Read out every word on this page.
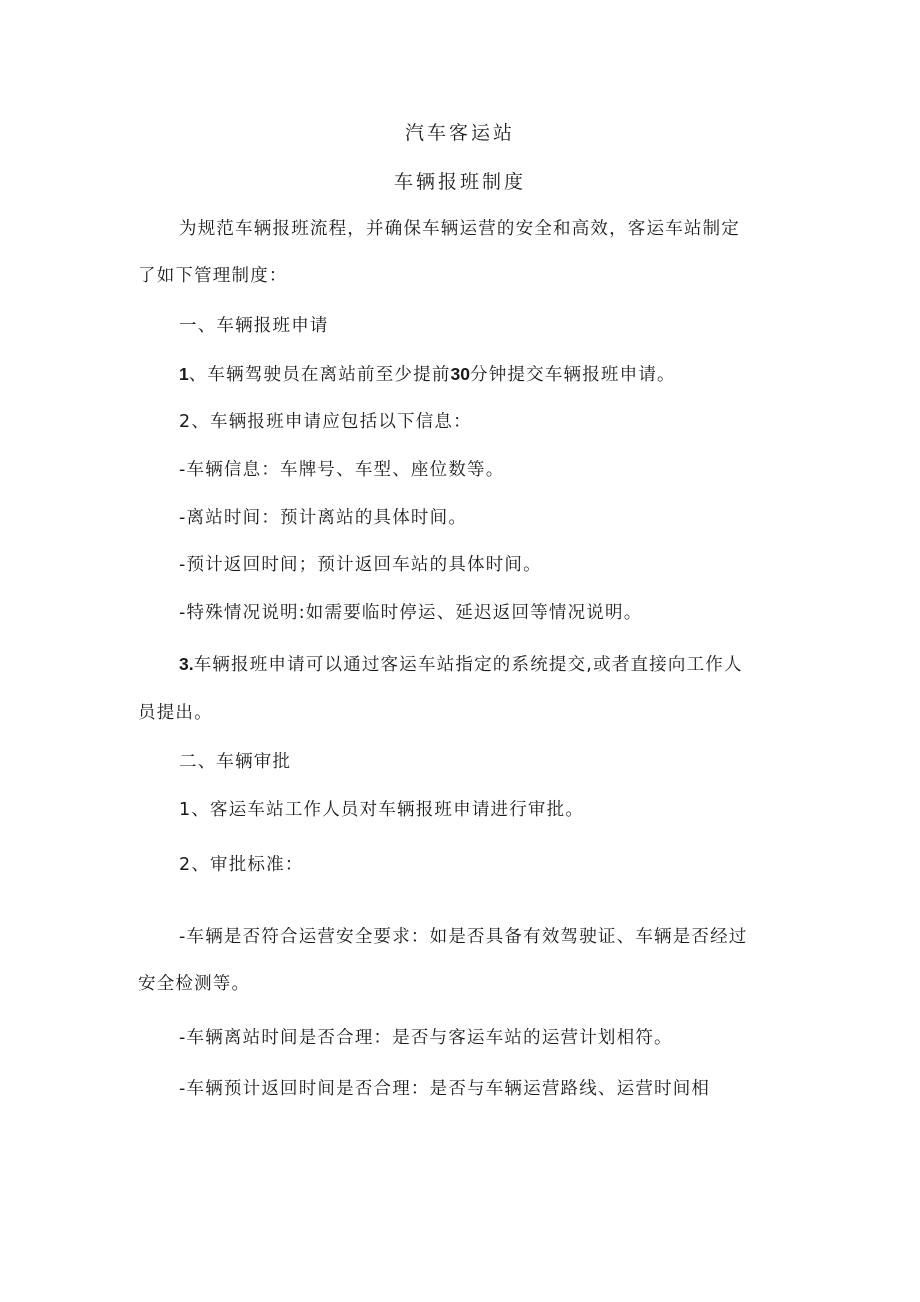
汽车客运站
车辆报班制度
为规范车辆报班流程，并确保车辆运营的安全和高效，客运车站制定
了如下管理制度：
一、车辆报班申请
1、车辆驾驶员在离站前至少提前30分钟提交车辆报班申请。
2、车辆报班申请应包括以下信息：
-车辆信息：车牌号、车型、座位数等。
-离站时间：预计离站的具体时间。
-预计返回时间；预计返回车站的具体时间。
-特殊情况说明:如需要临时停运、延迟返回等情况说明。
3.车辆报班申请可以通过客运车站指定的系统提交,或者直接向工作人
员提出。
二、车辆审批
1、客运车站工作人员对车辆报班申请进行审批。
2、审批标准：
-车辆是否符合运营安全要求：如是否具备有效驾驶证、车辆是否经过
安全检测等。
-车辆离站时间是否合理：是否与客运车站的运营计划相符。
-车辆预计返回时间是否合理：是否与车辆运营路线、运营时间相
